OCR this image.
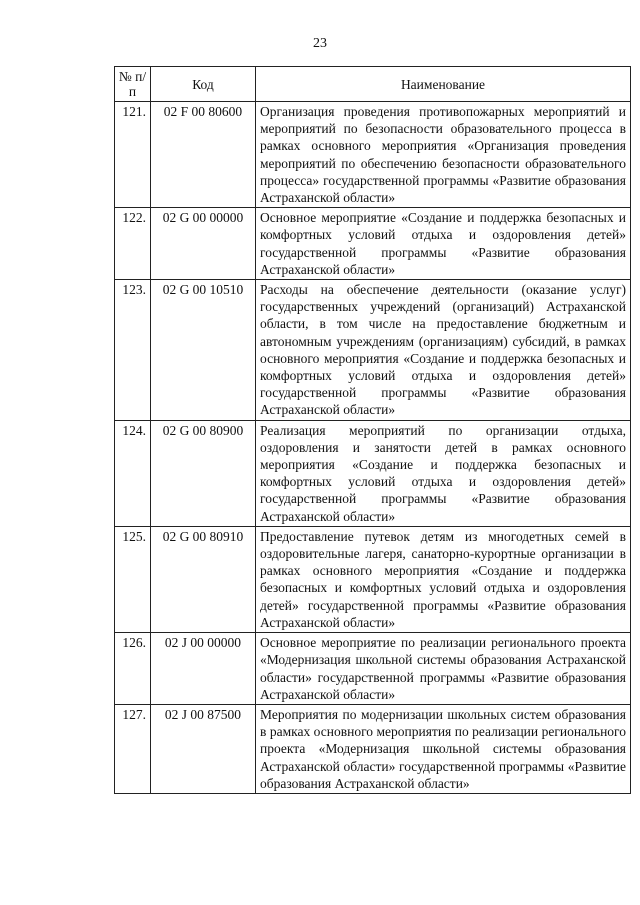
23
№ п/п	Код	Наименование
121.	02 F 00 80600	Организация проведения противопожарных мероприятий и мероприятий по безопасности образовательного процесса в рамках основного мероприятия «Организация проведения мероприятий по обеспечению безопасности образовательного процесса» государственной программы «Развитие образования Астраханской области»
122.	02 G 00 00000	Основное мероприятие «Создание и поддержка безопасных и комфортных условий отдыха и оздоровления детей» государственной программы «Развитие образования Астраханской области»
123.	02 G 00 10510	Расходы на обеспечение деятельности (оказание услуг) государственных учреждений (организаций) Астраханской области, в том числе на предоставление бюджетным и автономным учреждениям (организациям) субсидий, в рамках основного мероприятия «Создание и поддержка безопасных и комфортных условий отдыха и оздоровления детей» государственной программы «Развитие образования Астраханской области»
124.	02 G 00 80900	Реализация мероприятий по организации отдыха, оздоровления и занятости детей в рамках основного мероприятия «Создание и поддержка безопасных и комфортных условий отдыха и оздоровления детей» государственной программы «Развитие образования Астраханской области»
125.	02 G 00 80910	Предоставление путевок детям из многодетных семей в оздоровительные лагеря, санаторно-курортные организации в рамках основного мероприятия «Создание и поддержка безопасных и комфортных условий отдыха и оздоровления детей» государственной программы «Развитие образования Астраханской области»
126.	02 J 00 00000	Основное мероприятие по реализации регионального проекта «Модернизация школьной системы образования Астраханской области» государственной программы «Развитие образования Астраханской области»
127.	02 J 00 87500	Мероприятия по модернизации школьных систем образования в рамках основного мероприятия по реализации регионального проекта «Модернизация школьной системы образования Астраханской области» государственной программы «Развитие образования Астраханской области»
